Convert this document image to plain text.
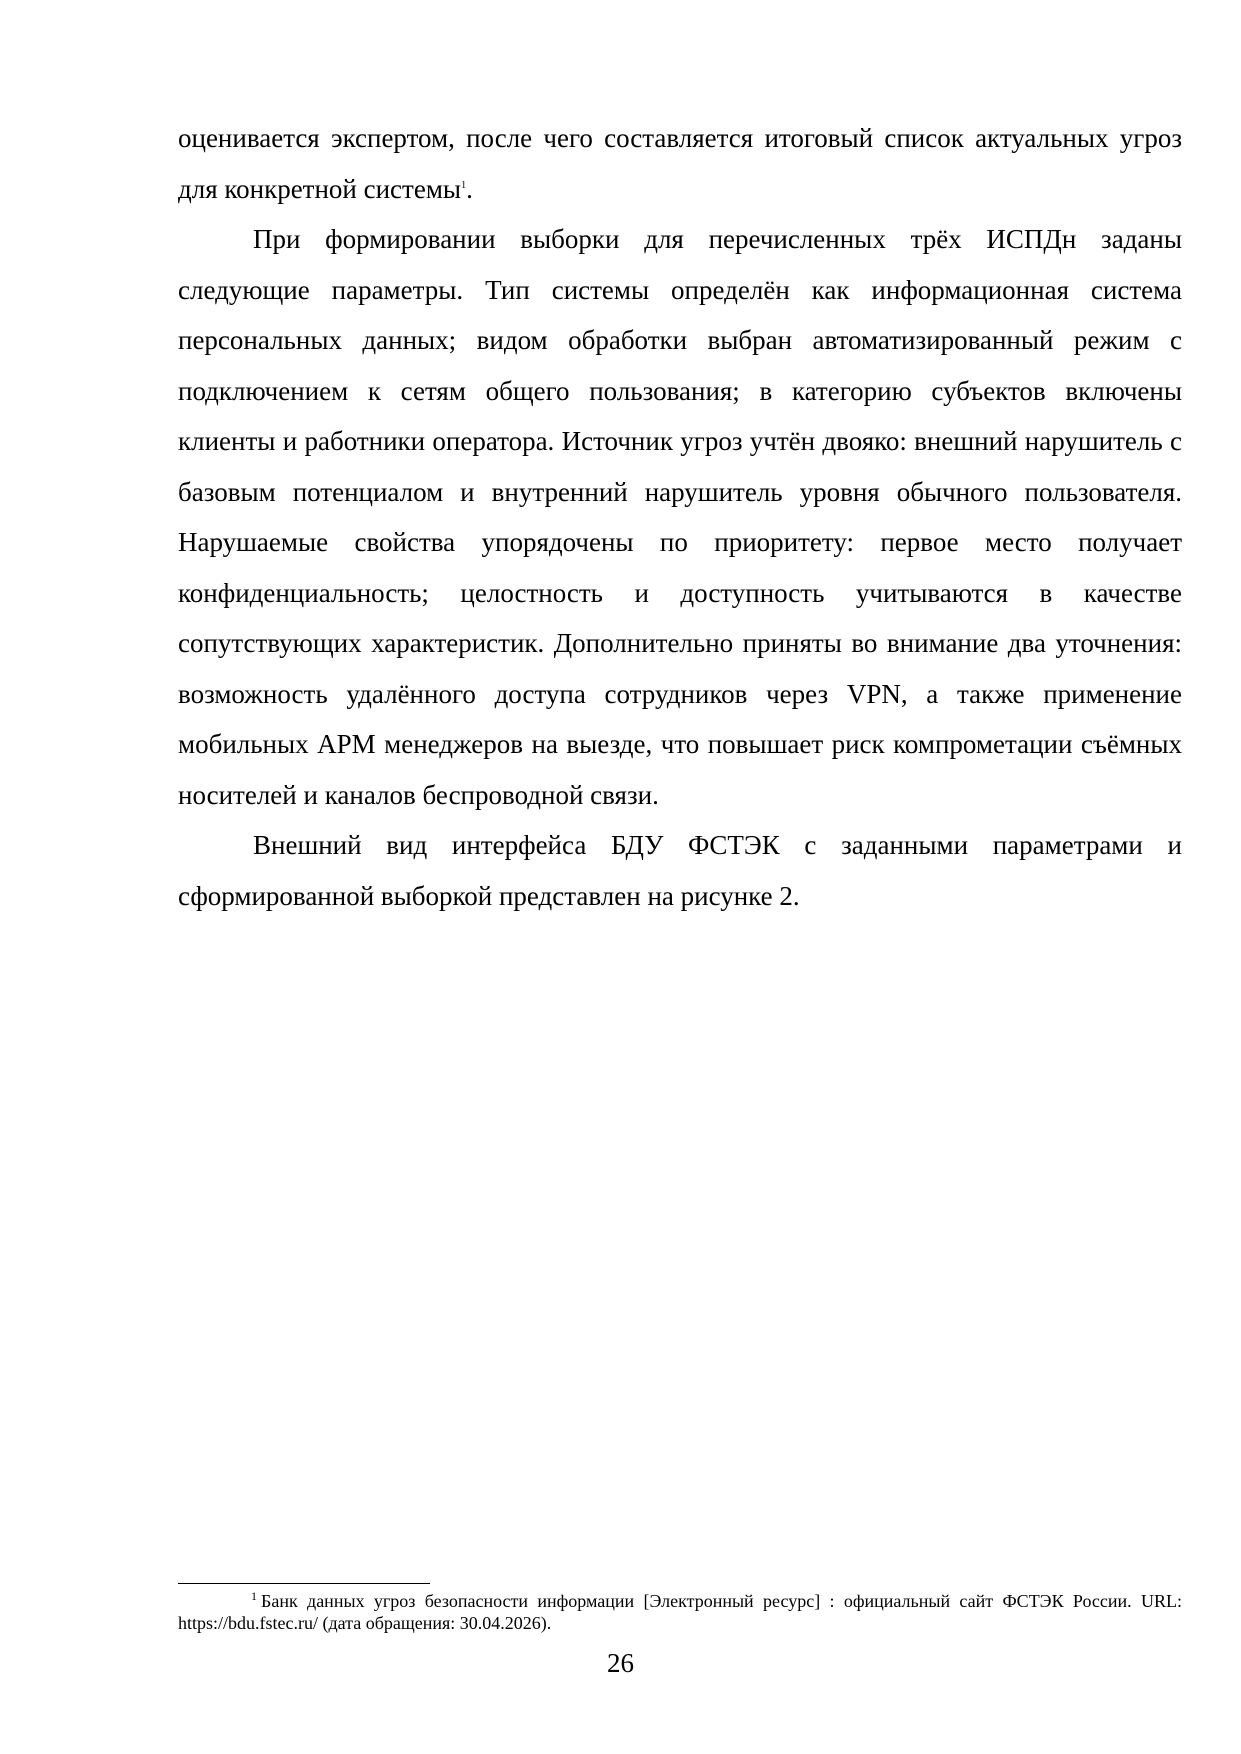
оценивается экспертом, после чего составляется итоговый список актуальных угроз для конкретной системы$^1$.

При формировании выборки для перечисленных трёх ИСПДн заданы следующие параметры. Тип системы определён как информационная система персональных данных; видом обработки выбран автоматизированный режим с подключением к сетям общего пользования; в категорию субъектов включены клиенты и работники оператора. Источник угроз учтён двояко: внешний нарушитель с базовым потенциалом и внутренний нарушитель уровня обычного пользователя. Нарушаемые свойства упорядочены по приоритету: первое место получает конфиденциальность; целостность и доступность учитываются в качестве сопутствующих характеристик. Дополнительно приняты во внимание два уточнения: возможность удалённого доступа сотрудников через VPN, а также применение мобильных АРМ менеджеров на выезде, что повышает риск компрометации съёмных носителей и каналов беспроводной связи.

Внешний вид интерфейса БДУ ФСТЭК с заданными параметрами и сформированной выборкой представлен на рисунке 2.

$^1$ Банк данных угроз безопасности информации [Электронный ресурс] : официальный сайт ФСТЭК России. URL: https://bdu.fstec.ru/ (дата обращения: 30.04.2026).
26
